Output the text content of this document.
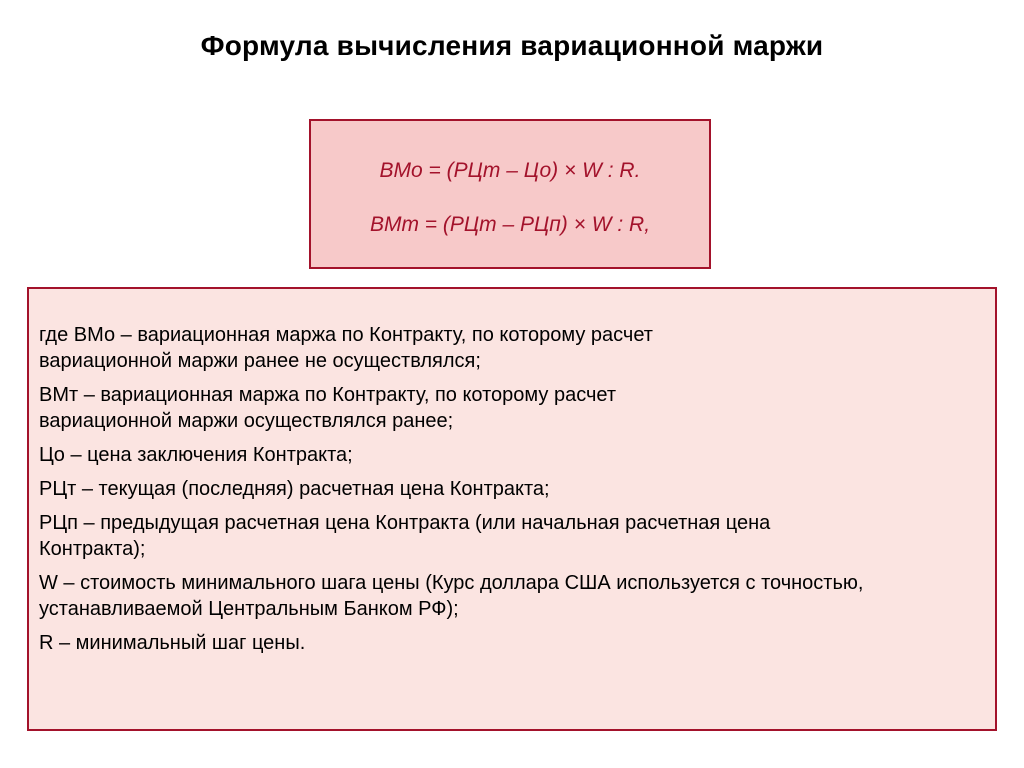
Формула вычисления вариационной маржи
ВМо = (РЦm – Цо) × W : R.
ВМm = (РЦm – РЦп) × W : R,
где ВМо – вариационная маржа по Контракту, по которому расчет
вариационной маржи ранее не осуществлялся;
ВМт – вариационная маржа по Контракту, по которому расчет
вариационной маржи осуществлялся ранее;
Цо – цена заключения Контракта;
РЦт – текущая (последняя) расчетная цена Контракта;
РЦп – предыдущая расчетная цена Контракта (или начальная расчетная цена
Контракта);
W – стоимость минимального шага цены (Курс доллара США используется с точностью,
устанавливаемой Центральным Банком РФ);
R – минимальный шаг цены.
